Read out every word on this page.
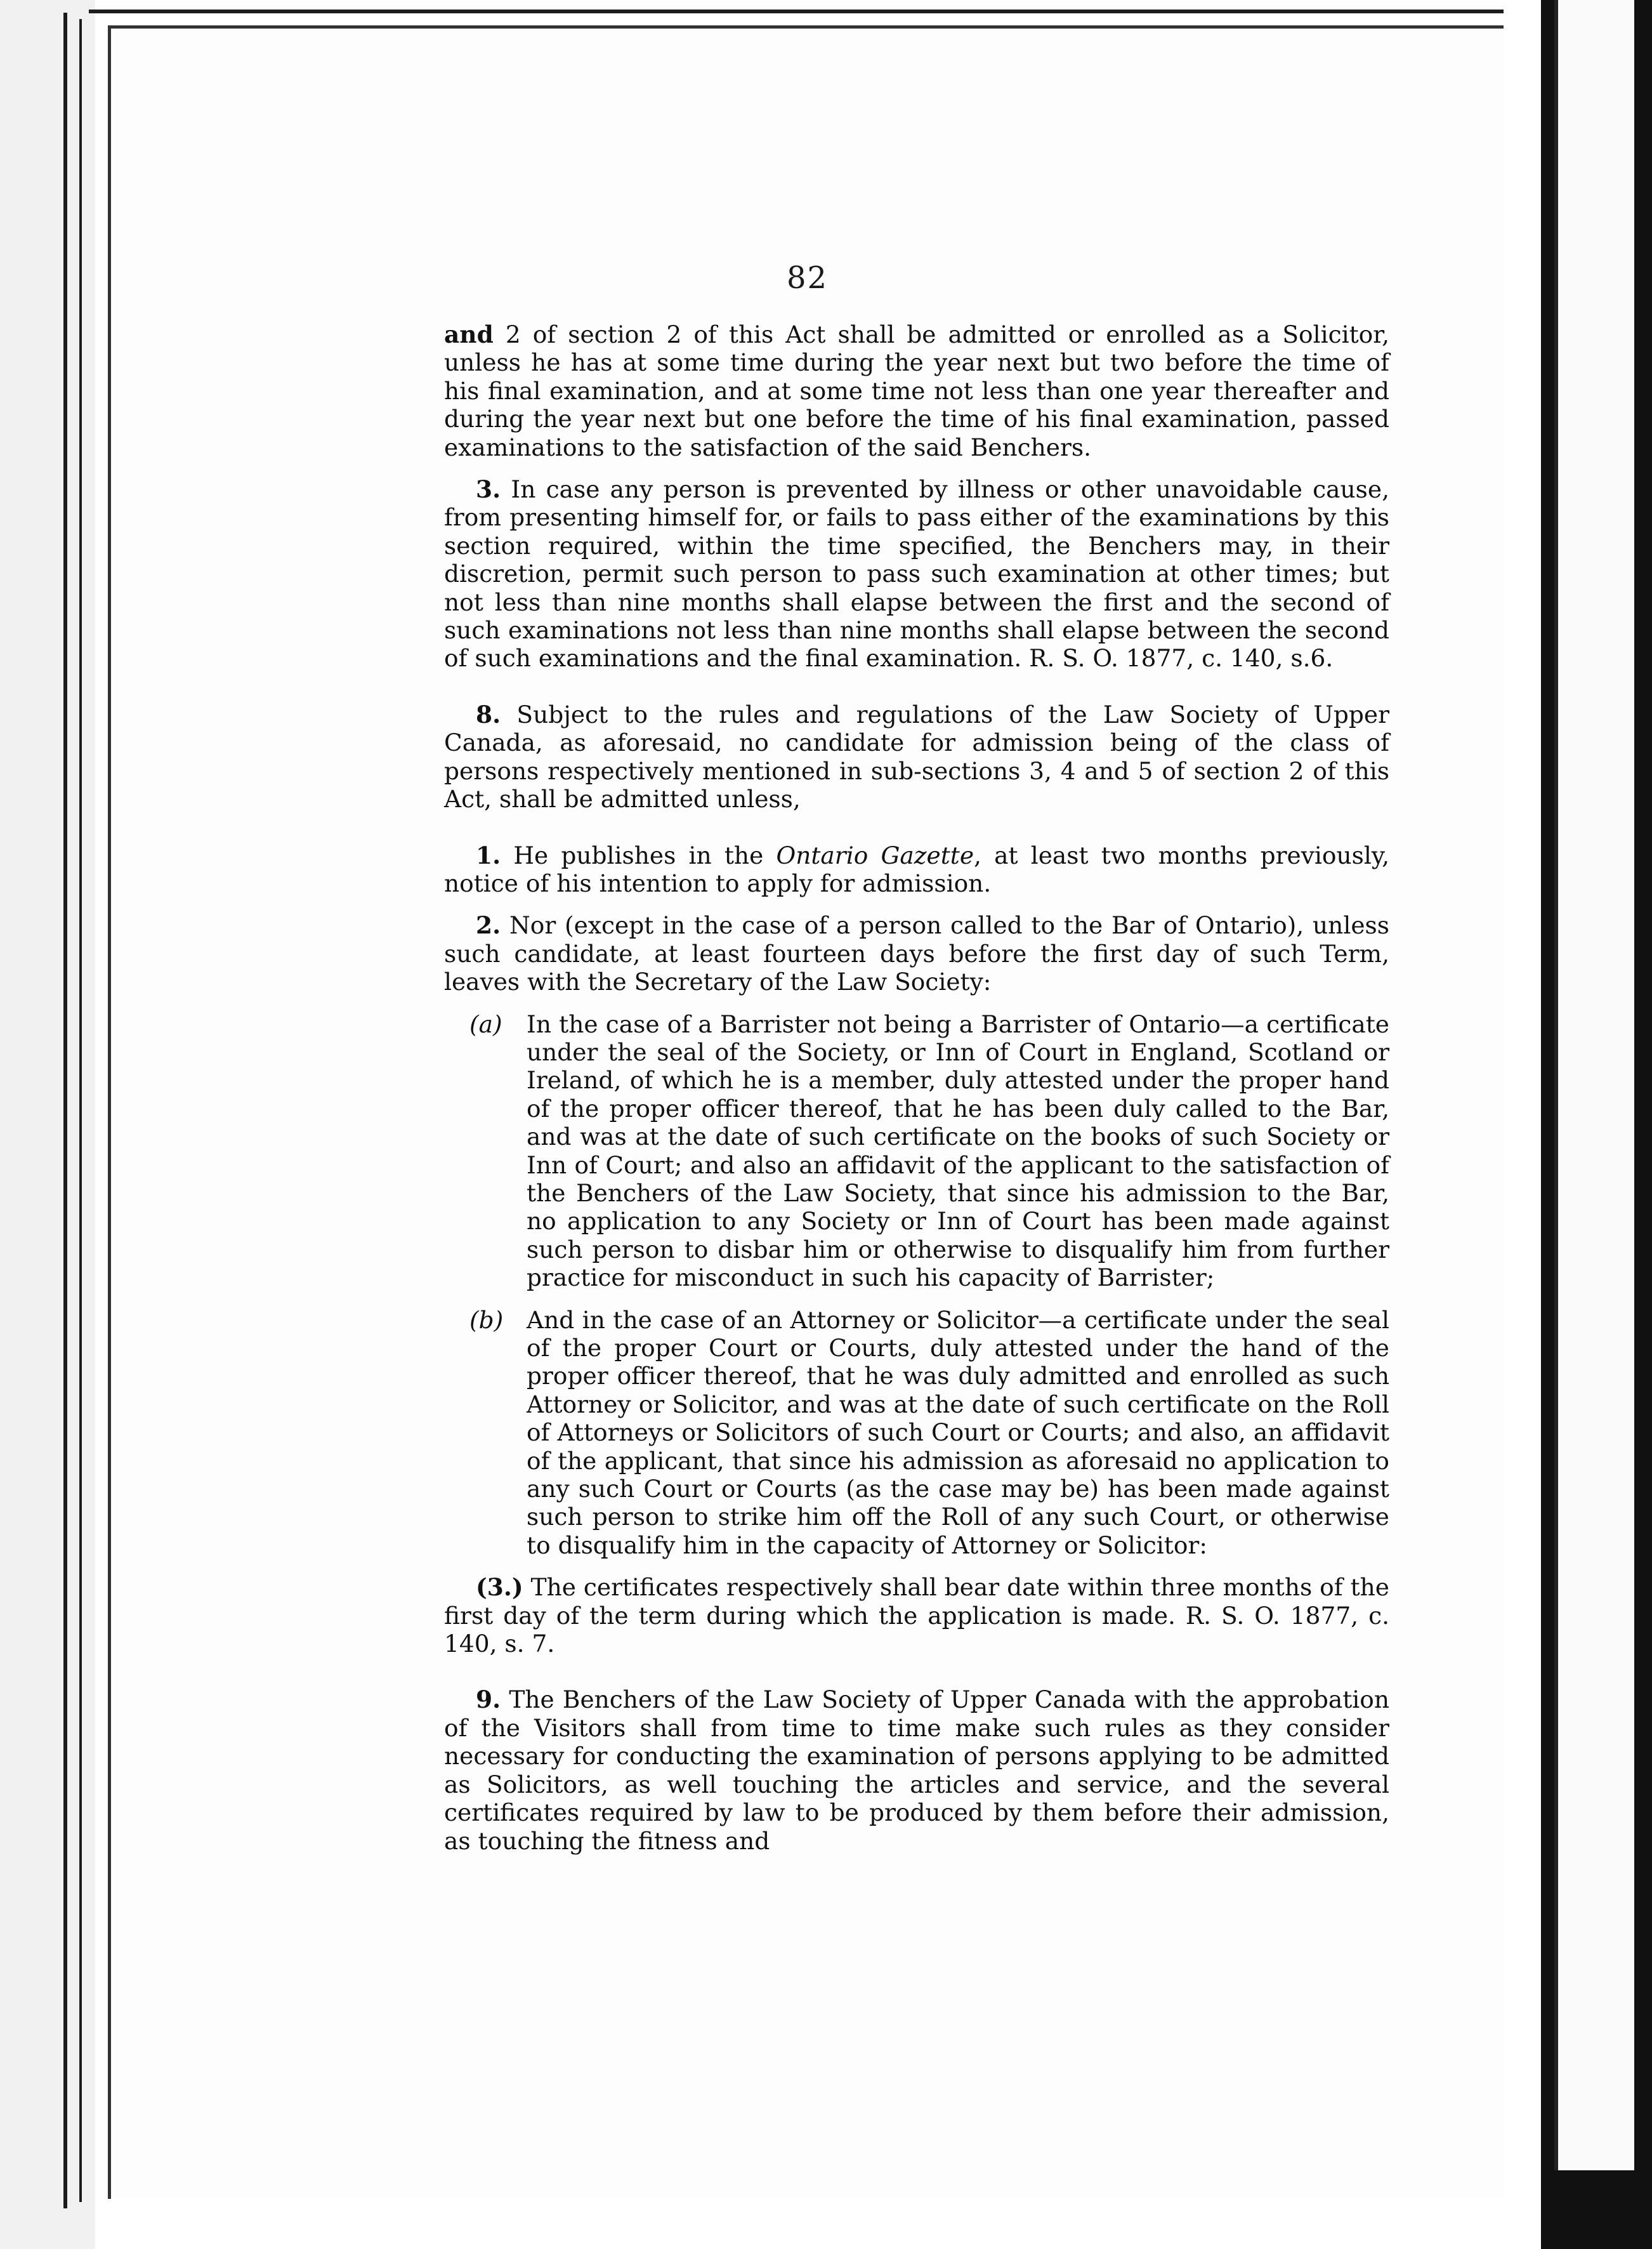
82

and 2 of section 2 of this Act shall be admitted or enrolled as a Solicitor, unless he has at some time during the year next but two before the time of his final examination, and at some time not less than one year thereafter and during the year next but one before the time of his final examination, passed examinations to the satisfaction of the said Benchers.

3. In case any person is prevented by illness or other unavoidable cause, from presenting himself for, or fails to pass either of the examinations by this section required, within the time specified, the Benchers may, in their discretion, permit such person to pass such examination at other times; but not less than nine months shall elapse between the first and the second of such examinations not less than nine months shall elapse between the second of such examinations and the final examination. R. S. O. 1877, c. 140, s.6.

8. Subject to the rules and regulations of the Law Society of Upper Canada, as aforesaid, no candidate for admission being of the class of persons respectively mentioned in sub-sections 3, 4 and 5 of section 2 of this Act, shall be admitted unless,

1. He publishes in the Ontario Gazette, at least two months previously, notice of his intention to apply for admission.

2. Nor (except in the case of a person called to the Bar of Ontario), unless such candidate, at least fourteen days before the first day of such Term, leaves with the Secretary of the Law Society:

(a) In the case of a Barrister not being a Barrister of Ontario—a certificate under the seal of the Society, or Inn of Court in England, Scotland or Ireland, of which he is a member, duly attested under the proper hand of the proper officer thereof, that he has been duly called to the Bar, and was at the date of such certificate on the books of such Society or Inn of Court; and also an affidavit of the applicant to the satisfaction of the Benchers of the Law Society, that since his admission to the Bar, no application to any Society or Inn of Court has been made against such person to disbar him or otherwise to disqualify him from further practice for misconduct in such his capacity of Barrister;

(b) And in the case of an Attorney or Solicitor—a certificate under the seal of the proper Court or Courts, duly attested under the hand of the proper officer thereof, that he was duly admitted and enrolled as such Attorney or Solicitor, and was at the date of such certificate on the Roll of Attorneys or Solicitors of such Court or Courts; and also, an affidavit of the applicant, that since his admission as aforesaid no application to any such Court or Courts (as the case may be) has been made against such person to strike him off the Roll of any such Court, or otherwise to disqualify him in the capacity of Attorney or Solicitor:

(3.) The certificates respectively shall bear date within three months of the first day of the term during which the application is made. R. S. O. 1877, c. 140, s. 7.

9. The Benchers of the Law Society of Upper Canada with the approbation of the Visitors shall from time to time make such rules as they consider necessary for conducting the examination of persons applying to be admitted as Solicitors, as well touching the articles and service, and the several certificates required by law to be produced by them before their admission, as touching the fitness and
